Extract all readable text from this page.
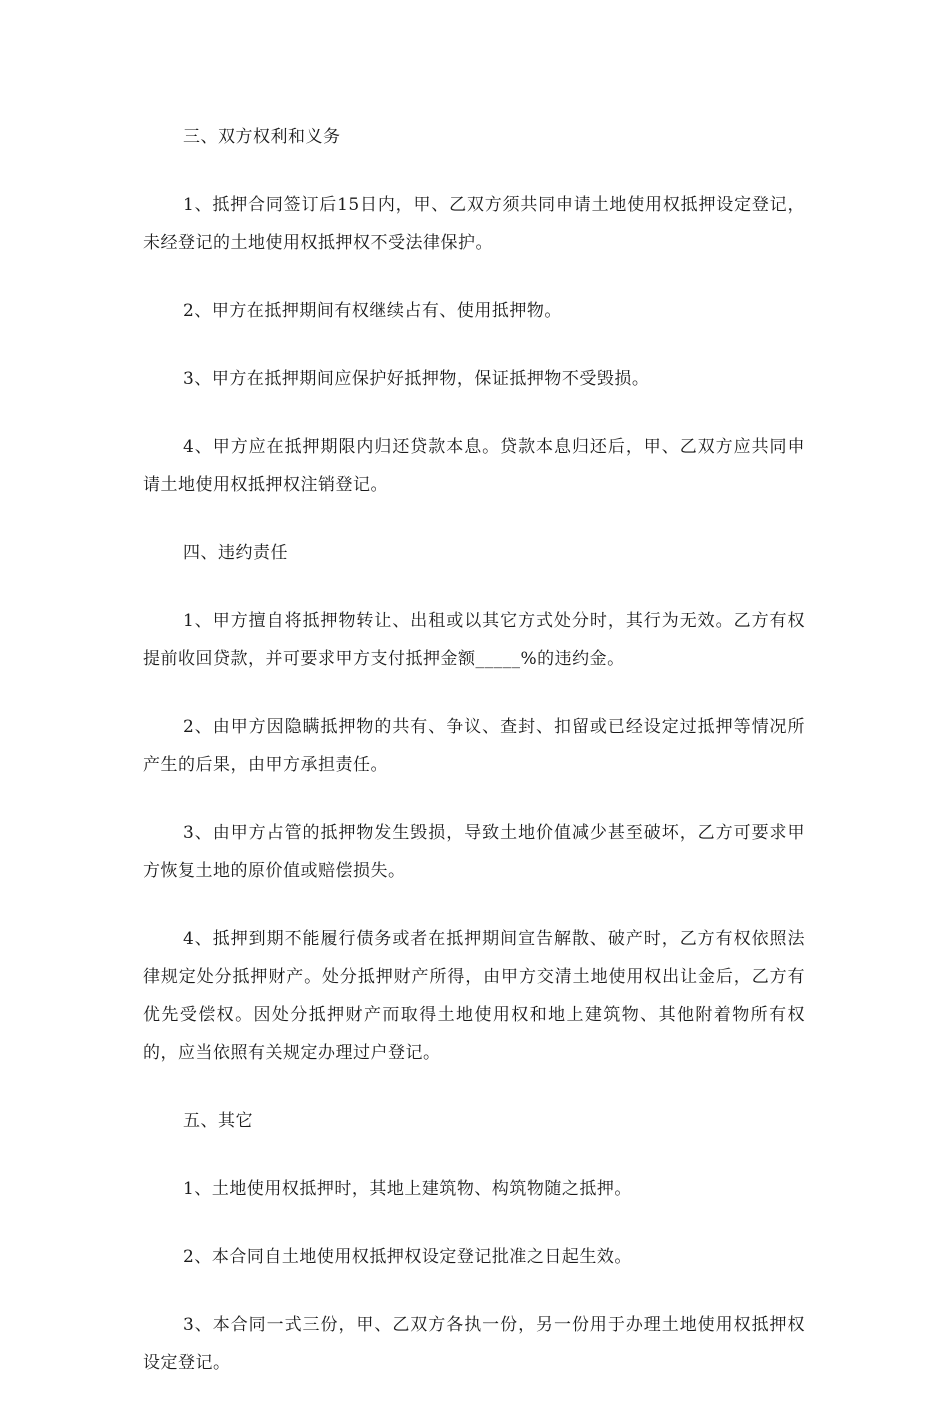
三、双方权利和义务

1、抵押合同签订后15日内，甲、乙双方须共同申请土地使用权抵押设定登记，未经登记的土地使用权抵押权不受法律保护。

2、甲方在抵押期间有权继续占有、使用抵押物。

3、甲方在抵押期间应保护好抵押物，保证抵押物不受毁损。

4、甲方应在抵押期限内归还贷款本息。贷款本息归还后，甲、乙双方应共同申请土地使用权抵押权注销登记。

四、违约责任

1、甲方擅自将抵押物转让、出租或以其它方式处分时，其行为无效。乙方有权提前收回贷款，并可要求甲方支付抵押金额_____%的违约金。

2、由甲方因隐瞒抵押物的共有、争议、查封、扣留或已经设定过抵押等情况所产生的后果，由甲方承担责任。

3、由甲方占管的抵押物发生毁损，导致土地价值减少甚至破坏，乙方可要求甲方恢复土地的原价值或赔偿损失。

4、抵押到期不能履行债务或者在抵押期间宣告解散、破产时，乙方有权依照法律规定处分抵押财产。处分抵押财产所得，由甲方交清土地使用权出让金后，乙方有优先受偿权。因处分抵押财产而取得土地使用权和地上建筑物、其他附着物所有权的，应当依照有关规定办理过户登记。

五、其它

1、土地使用权抵押时，其地上建筑物、构筑物随之抵押。

2、本合同自土地使用权抵押权设定登记批准之日起生效。

3、本合同一式三份，甲、乙双方各执一份，另一份用于办理土地使用权抵押权设定登记。
